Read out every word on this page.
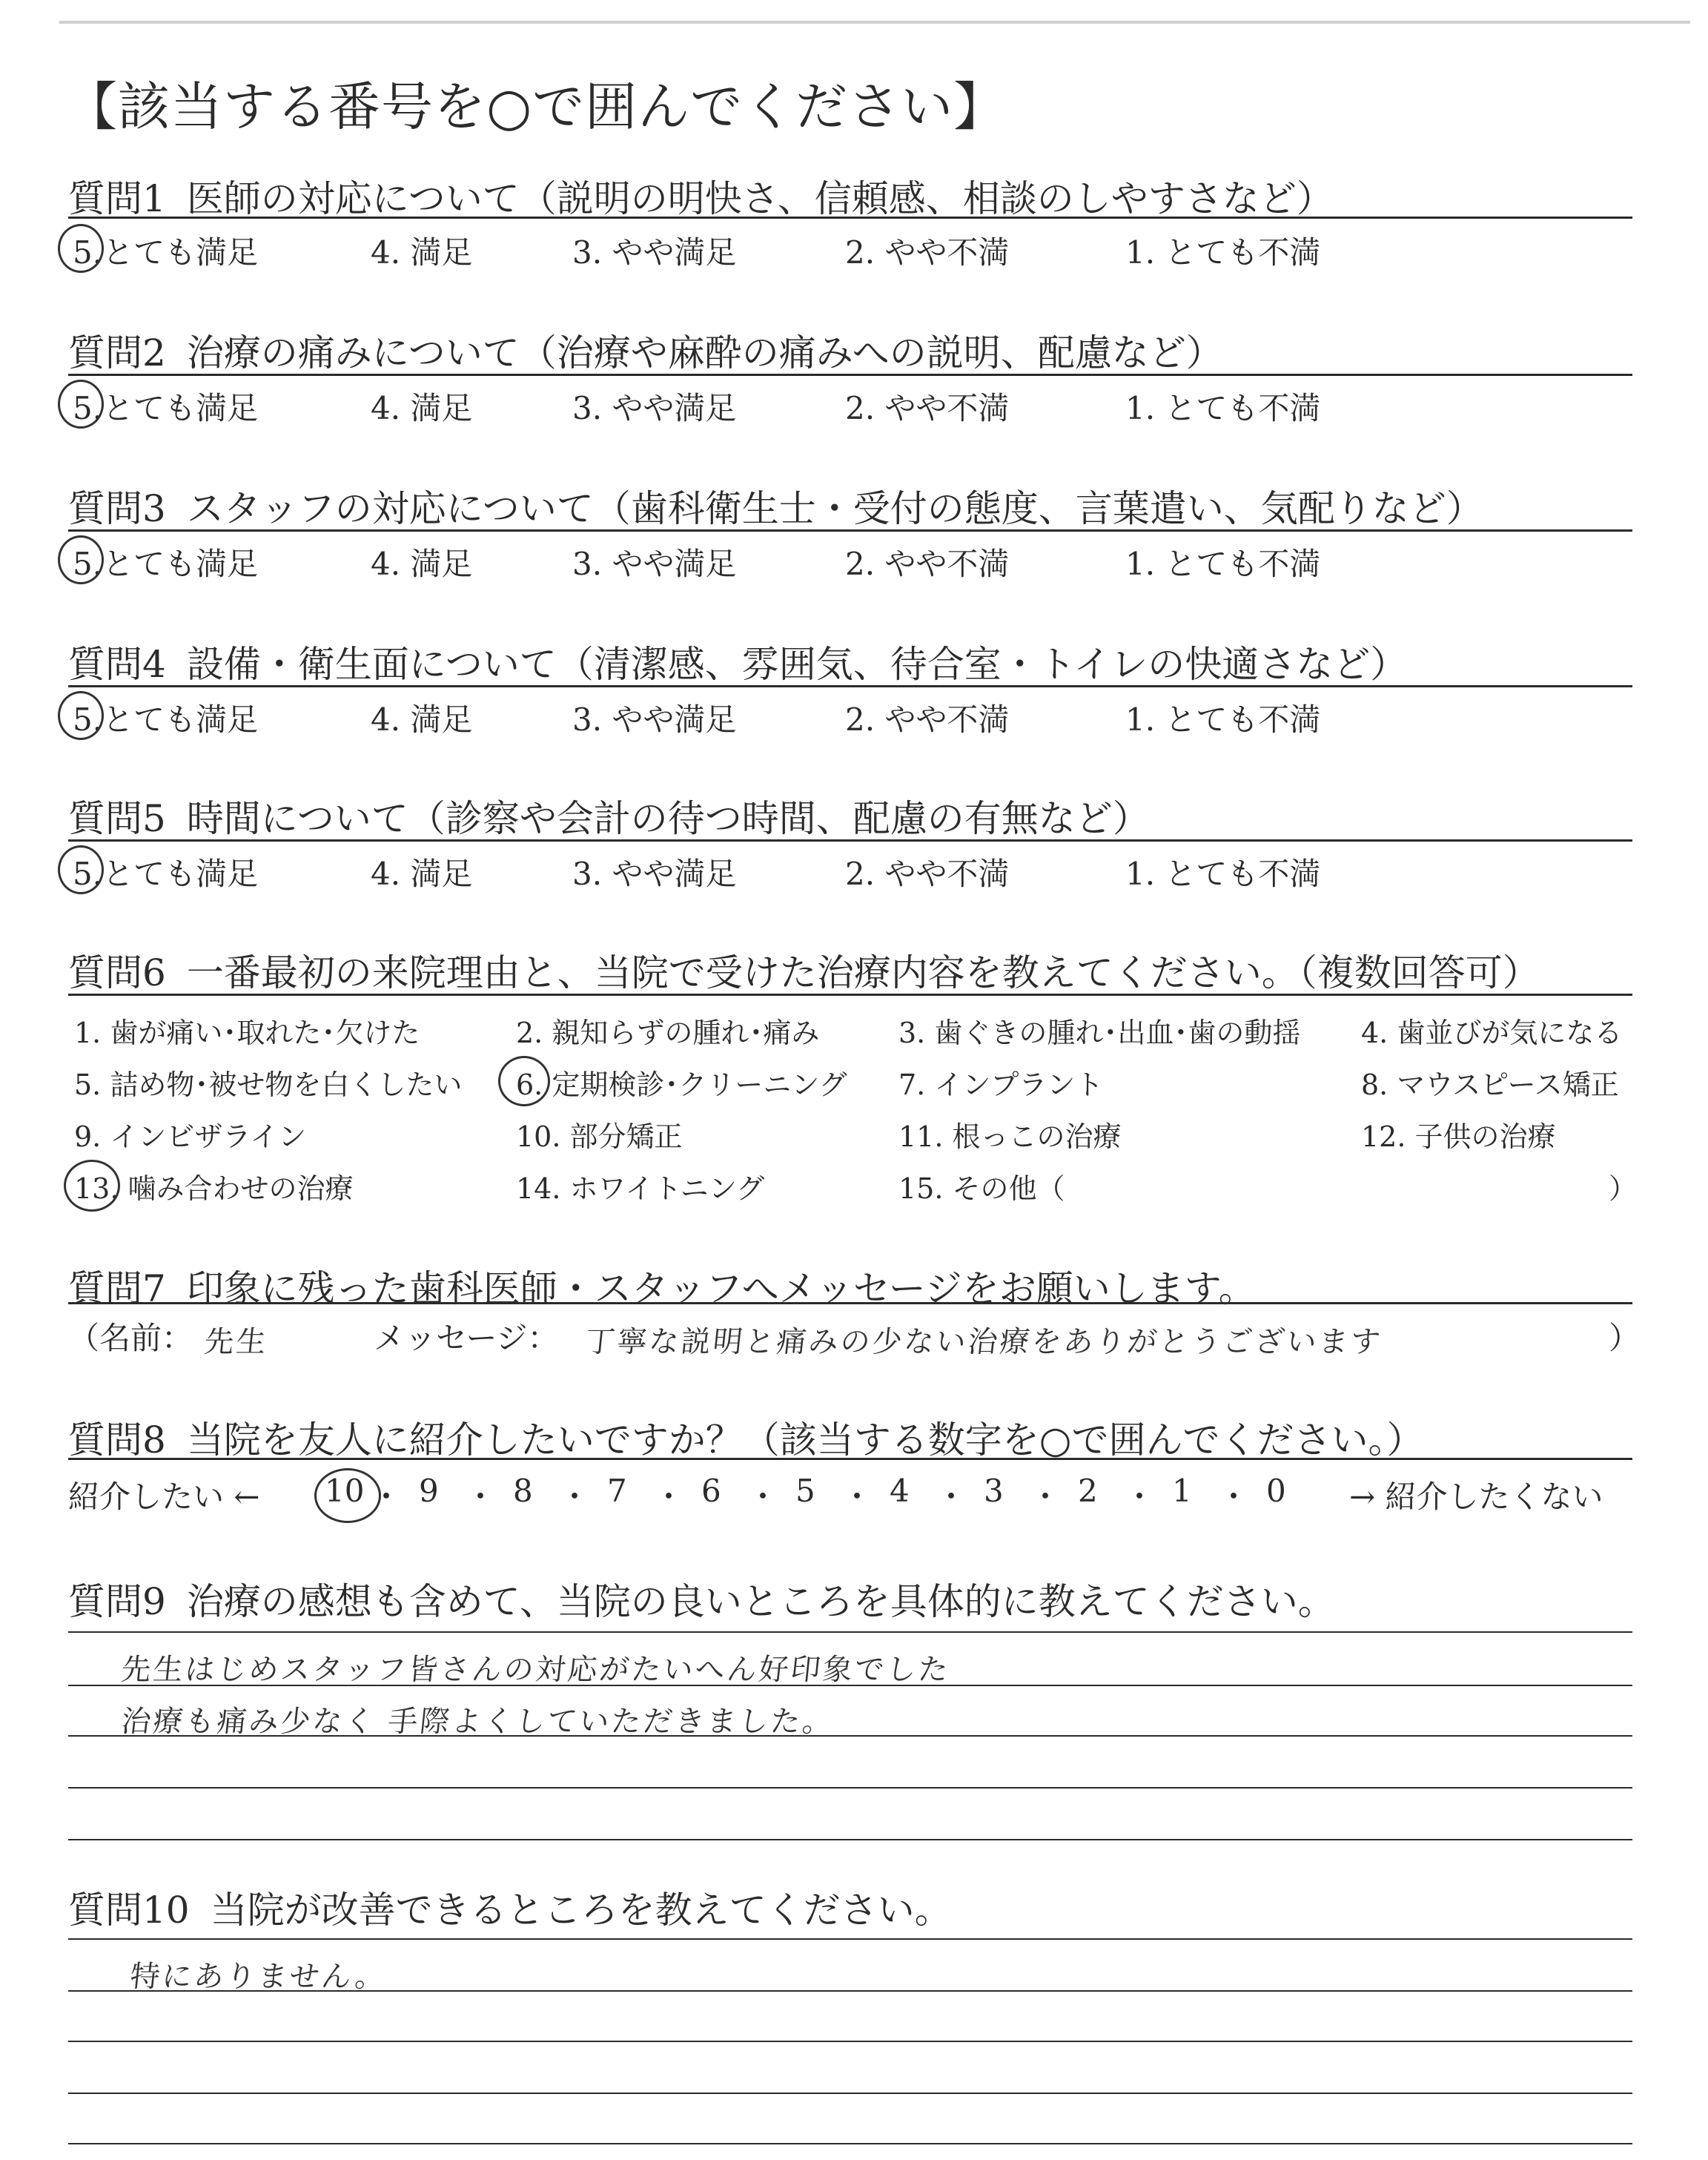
【該当する番号を○で囲んでください】
質問1 医師の対応について（説明の明快さ、信頼感、相談のしやすさなど）
5.とても満足	4. 満足	3. やや満足	2. やや不満	1. とても不満
質問2 治療の痛みについて（治療や麻酔の痛みへの説明、配慮など）
5.とても満足	4. 満足	3. やや満足	2. やや不満	1. とても不満
質問3 スタッフの対応について（歯科衛生士・受付の態度、言葉遣い、気配りなど）
5.とても満足	4. 満足	3. やや満足	2. やや不満	1. とても不満
質問4 設備・衛生面について（清潔感、雰囲気、待合室・トイレの快適さなど）
5.とても満足	4. 満足	3. やや満足	2. やや不満	1. とても不満
質問5 時間について（診察や会計の待つ時間、配慮の有無など）
5.とても満足	4. 満足	3. やや満足	2. やや不満	1. とても不満
質問6 一番最初の来院理由と、当院で受けた治療内容を教えてください。（複数回答可）
1. 歯が痛い･取れた･欠けた	2. 親知らずの腫れ･痛み	3. 歯ぐきの腫れ･出血･歯の動揺 4. 歯並びが気になる
5. 詰め物･被せ物を白くしたい 6. 定期検診･クリーニング 7. インプラント	8. マウスピース矯正
9. インビザライン	10. 部分矯正	11. 根っこの治療	12. 子供の治療
13. 噛み合わせの治療	14. ホワイトニング	15. その他（	）
質問7 印象に残った歯科医師・スタッフへメッセージをお願いします。
（名前： 先生	メッセージ： 丁寧な説明と痛みの少ない治療をありがとうございます	）
質問8 当院を友人に紹介したいですか？（該当する数字を○で囲んでください。）
紹介したい ← 10 ・ 9 ・ 8 ・ 7 ・ 6 ・ 5 ・ 4 ・ 3 ・ 2 ・ 1 ・ 0 → 紹介したくない
質問9 治療の感想も含めて、当院の良いところを具体的に教えてください。
先生はじめスタッフ皆さんの対応がたいへん好印象でした
治療も痛み少なく 手際よくしていただきました。
質問10 当院が改善できるところを教えてください。
特にありません。
